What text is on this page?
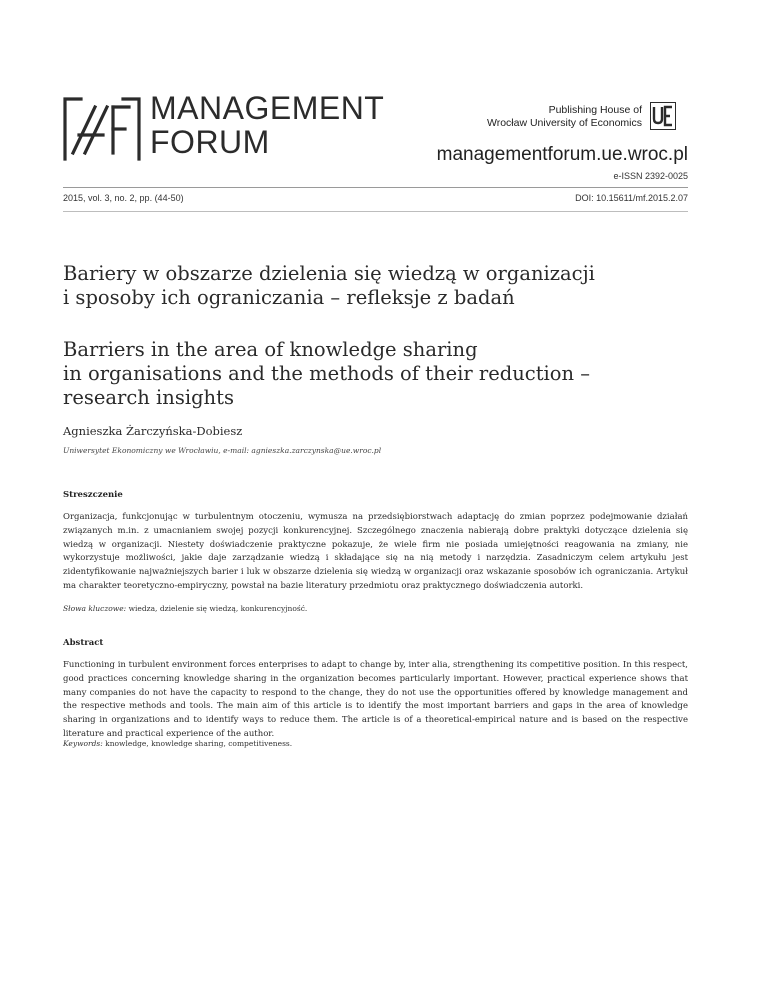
MANAGEMENT
FORUM
Publishing House of
Wrocław University of Economics
managementforum.ue.wroc.pl
e-ISSN 2392-0025
2015, vol. 3, no. 2, pp. (44-50)	DOI: 10.15611/mf.2015.2.07
Bariery w obszarze dzielenia się wiedzą w organizacji
i sposoby ich ograniczania – refleksje z badań
Barriers in the area of knowledge sharing
in organisations and the methods of their reduction –
research insights
Agnieszka Żarczyńska-Dobiesz
Uniwersytet Ekonomiczny we Wrocławiu, e-mail: agnieszka.zarczynska@ue.wroc.pl
Streszczenie
Organizacja, funkcjonując w turbulentnym otoczeniu, wymusza na przedsiębiorstwach adaptację do zmian poprzez podejmowanie działań związanych m.in. z umacnianiem swojej pozycji konkurencyjnej. Szczególnego znaczenia nabierają dobre praktyki dotyczące dzielenia się wiedzą w organizacji. Niestety doświadczenie praktyczne pokazuje, że wiele firm nie posiada umiejętności reagowania na zmiany, nie wykorzystuje możliwości, jakie daje zarządzanie wiedzą i składające się na nią metody i narzędzia. Zasadniczym celem artykułu jest zidentyfikowanie najważniejszych barier i luk w obszarze dzielenia się wiedzą w organizacji oraz wskazanie sposobów ich ograniczania. Artykuł ma charakter teoretyczno-empiryczny, powstał na bazie literatury przedmiotu oraz praktycznego doświadczenia autorki.
Słowa kluczowe: wiedza, dzielenie się wiedzą, konkurencyjność.
Abstract
Functioning in turbulent environment forces enterprises to adapt to change by, inter alia, strengthening its competitive position. In this respect, good practices concerning knowledge sharing in the organization becomes particularly important. However, practical experience shows that many companies do not have the capacity to respond to the change, they do not use the opportunities offered by knowledge management and the respective methods and tools. The main aim of this article is to identify the most important barriers and gaps in the area of knowledge sharing in organizations and to identify ways to reduce them. The article is of a theoretical-empirical nature and is based on the respective literature and practical experience of the author.
Keywords: knowledge, knowledge sharing, competitiveness.
